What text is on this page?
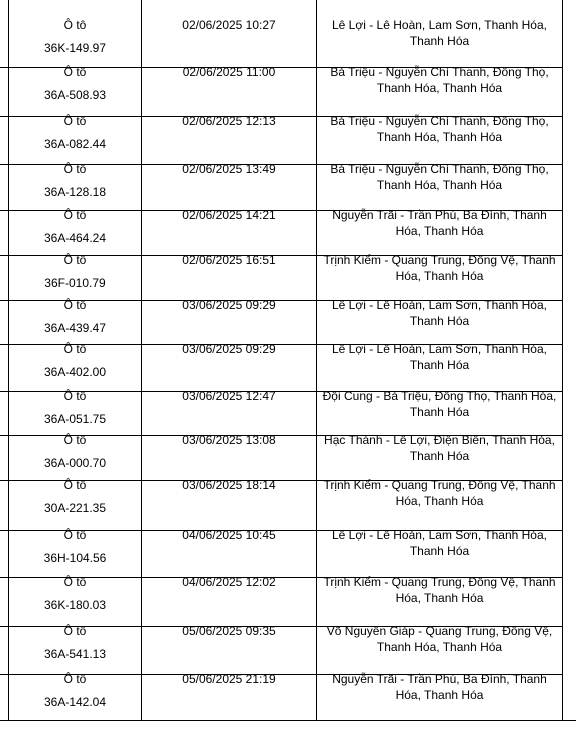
Ô tô
36K-149.97
02/06/2025 10:27	Lê Lợi - Lê Hoàn, Lam Sơn, Thanh Hóa, Thanh Hóa
Ô tô
36A-508.93
02/06/2025 11:00	Bà Triệu - Nguyễn Chí Thanh, Đông Thọ, Thanh Hóa, Thanh Hóa
Ô tô
36A-082.44
02/06/2025 12:13	Bà Triệu - Nguyễn Chí Thanh, Đông Thọ, Thanh Hóa, Thanh Hóa
Ô tô
36A-128.18
02/06/2025 13:49	Bà Triệu - Nguyễn Chí Thanh, Đông Thọ, Thanh Hóa, Thanh Hóa
Ô tô
36A-464.24
02/06/2025 14:21	Nguyễn Trãi - Trần Phú, Ba Đình, Thanh Hóa, Thanh Hóa
Ô tô
36F-010.79
02/06/2025 16:51	Trịnh Kiểm - Quang Trung, Đông Vệ, Thanh Hóa, Thanh Hóa
Ô tô
36A-439.47
03/06/2025 09:29	Lê Lợi - Lê Hoàn, Lam Sơn, Thanh Hóa, Thanh Hóa
Ô tô
36A-402.00
03/06/2025 09:29	Lê Lợi - Lê Hoàn, Lam Sơn, Thanh Hóa, Thanh Hóa
Ô tô
36A-051.75
03/06/2025 12:47	Đội Cung - Bà Triệu, Đông Thọ, Thanh Hóa, Thanh Hóa
Ô tô
36A-000.70
03/06/2025 13:08	Hạc Thành - Lê Lợi, Điện Biên, Thanh Hóa, Thanh Hóa
Ô tô
30A-221.35
03/06/2025 18:14	Trịnh Kiểm - Quang Trung, Đông Vệ, Thanh Hóa, Thanh Hóa
Ô tô
36H-104.56
04/06/2025 10:45	Lê Lợi - Lê Hoàn, Lam Sơn, Thanh Hóa, Thanh Hóa
Ô tô
36K-180.03
04/06/2025 12:02	Trịnh Kiểm - Quang Trung, Đông Vệ, Thanh Hóa, Thanh Hóa
Ô tô
36A-541.13
05/06/2025 09:35	Võ Nguyên Giáp - Quang Trung, Đông Vệ, Thanh Hóa, Thanh Hóa
Ô tô
36A-142.04
05/06/2025 21:19	Nguyễn Trãi - Trần Phú, Ba Đình, Thanh Hóa, Thanh Hóa
